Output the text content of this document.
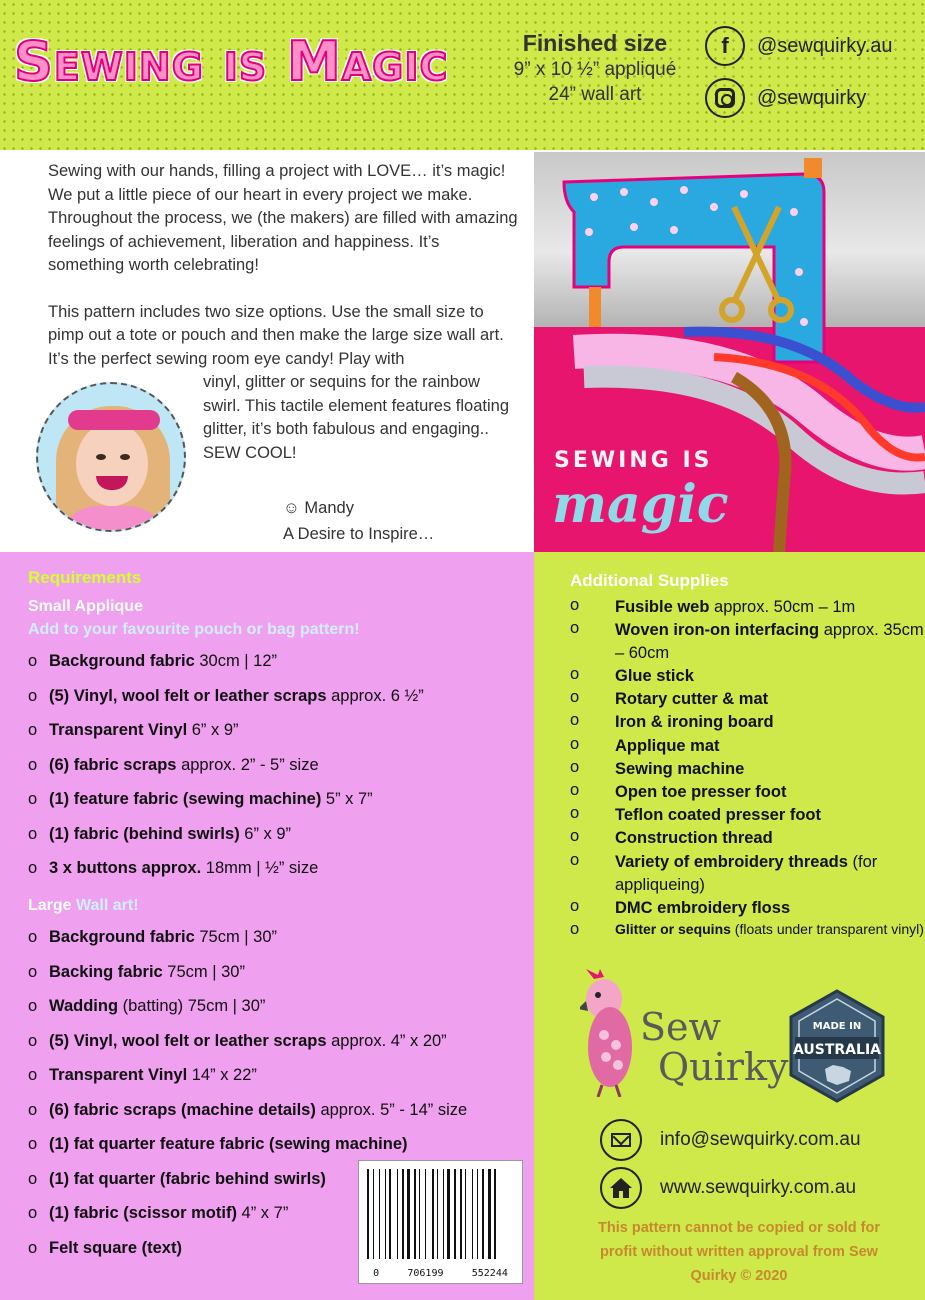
Sewing is Magic	Finished size
9” x 10 ½” appliqué
24” wall art
f	@sewquirky.au
@sewquirky

Sewing with our hands, filling a project with LOVE… it’s magic! We put a little piece of our heart in every project we make. Throughout the process, we (the makers) are filled with amazing feelings of achievement, liberation and happiness. It’s something worth celebrating!

This pattern includes two size options. Use the small size to pimp out a tote or pouch and then make the large size wall art. It’s the perfect sewing room eye candy! Play with
vinyl, glitter or sequins for the rainbow swirl. This tactile element features floating glitter, it’s both fabulous and engaging.. SEW COOL!
☺ Mandy
A Desire to Inspire…
SEWING IS
magic
Requirements
Small Applique
Add to your favourite pouch or bag pattern!
o Background fabric 30cm | 12”
o (5) Vinyl, wool felt or leather scraps approx. 6 ½”
o Transparent Vinyl 6” x 9”
o (6) fabric scraps approx. 2” - 5” size
o (1) feature fabric (sewing machine) 5” x 7”
o (1) fabric (behind swirls) 6” x 9”
o 3 x buttons approx. 18mm | ½” size
Large Wall art!
o Background fabric 75cm | 30”
o Backing fabric 75cm | 30”
o Wadding (batting) 75cm | 30”
o (5) Vinyl, wool felt or leather scraps approx. 4” x 20”
o Transparent Vinyl 14” x 22”
o (6) fabric scraps (machine details) approx. 5” - 14” size
o (1) fat quarter feature fabric (sewing machine)
o (1) fat quarter (fabric behind swirls)
o (1) fabric (scissor motif) 4” x 7”
o Felt square (text)
0	706199	552244
Additional Supplies
o Fusible web approx. 50cm – 1m
o Woven iron-on interfacing approx. 35cm – 60cm
o Glue stick
o Rotary cutter & mat
o Iron & ironing board
o Applique mat
o Sewing machine
o Open toe presser foot
o Teflon coated presser foot
o Construction thread
o Variety of embroidery threads (for appliqueing)
o DMC embroidery floss
o	Glitter or sequins (floats under transparent vinyl)
Sew
Quirky
MADE IN
AUSTRALIA
info@sewquirky.com.au
www.sewquirky.com.au
This pattern cannot be copied or sold for profit without written approval from Sew Quirky © 2020
